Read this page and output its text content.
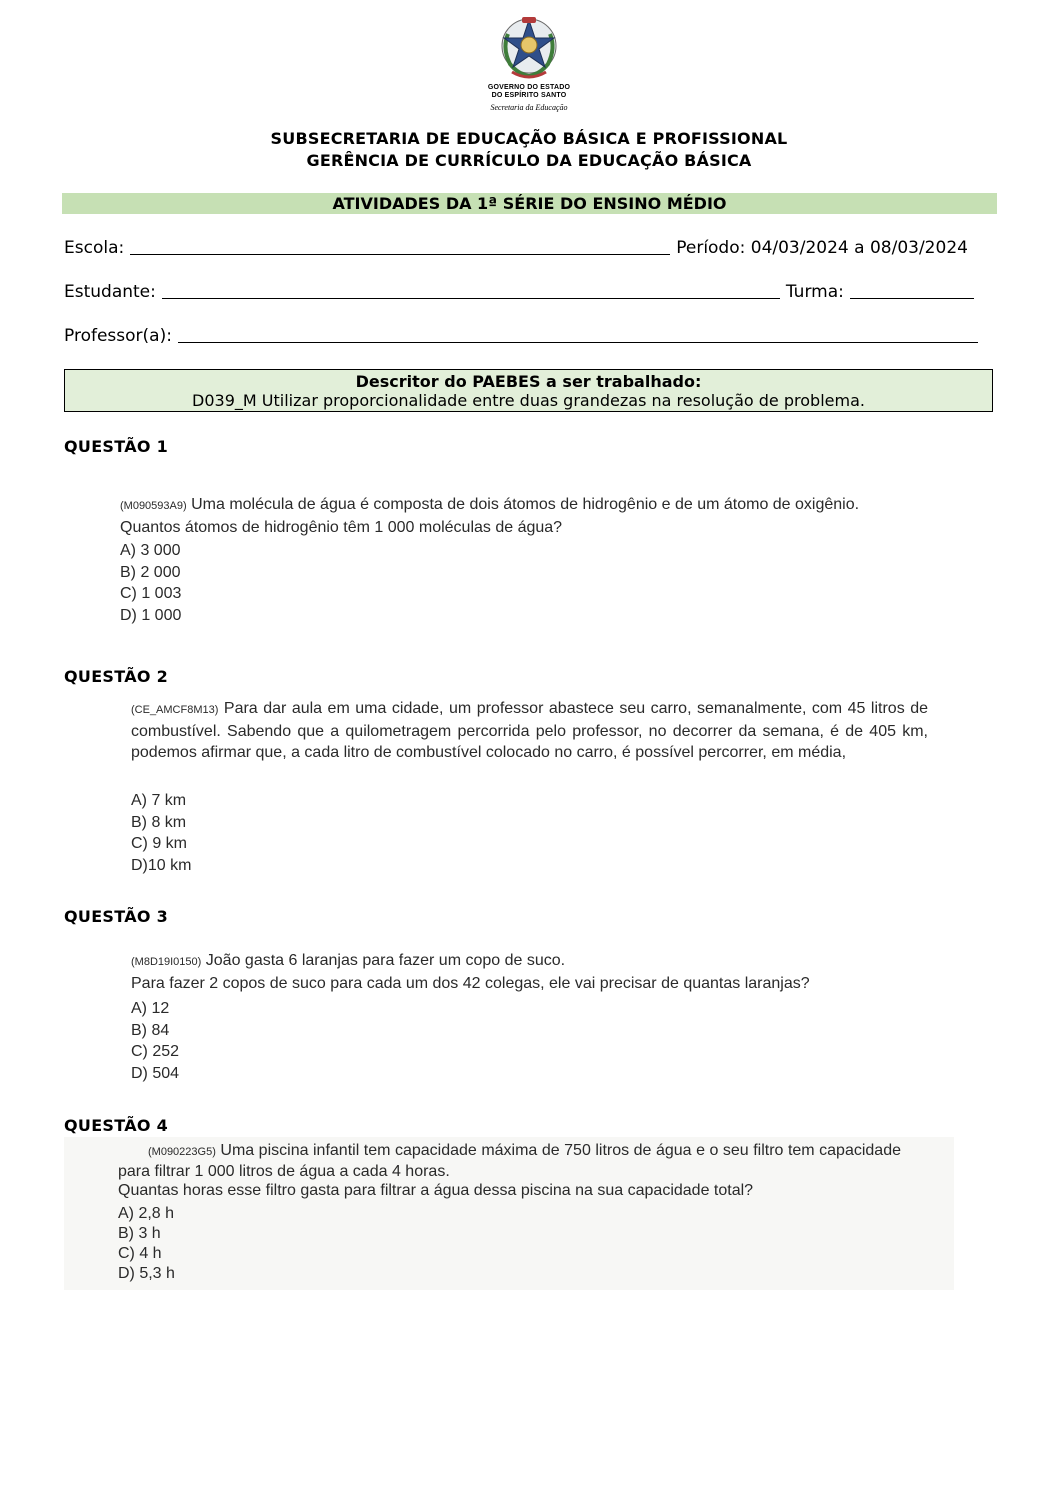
GOVERNO DO ESTADO
DO ESPÍRITO SANTO
Secretaria da Educação
SUBSECRETARIA DE EDUCAÇÃO BÁSICA E PROFISSIONAL
GERÊNCIA DE CURRÍCULO DA EDUCAÇÃO BÁSICA
ATIVIDADES DA 1ª SÉRIE DO ENSINO MÉDIO
Escola:	Período: 04/03/2024 a 08/03/2024
Estudante:	Turma:
Professor(a):
Descritor do PAEBES a ser trabalhado:
D039_M Utilizar proporcionalidade entre duas grandezas na resolução de problema.
QUESTÃO 1
(M090593A9) Uma molécula de água é composta de dois átomos de hidrogênio e de um átomo de oxigênio.
Quantos átomos de hidrogênio têm 1 000 moléculas de água?
A) 3 000
B) 2 000
C) 1 003
D) 1 000
QUESTÃO 2
(CE_AMCF8M13) Para dar aula em uma cidade, um professor abastece seu carro, semanalmente, com 45 litros de combustível. Sabendo que a quilometragem percorrida pelo professor, no decorrer da semana, é de 405 km, podemos afirmar que, a cada litro de combustível colocado no carro, é possível percorrer, em média,
A) 7 km
B) 8 km
C) 9 km
D)10 km
QUESTÃO 3
(M8D19I0150) João gasta 6 laranjas para fazer um copo de suco.
Para fazer 2 copos de suco para cada um dos 42 colegas, ele vai precisar de quantas laranjas?
A) 12
B) 84
C) 252
D) 504
QUESTÃO 4
(M090223G5) Uma piscina infantil tem capacidade máxima de 750 litros de água e o seu filtro tem capacidade para filtrar 1 000 litros de água a cada 4 horas.
Quantas horas esse filtro gasta para filtrar a água dessa piscina na sua capacidade total?
A) 2,8 h
B) 3 h
C) 4 h
D) 5,3 h
